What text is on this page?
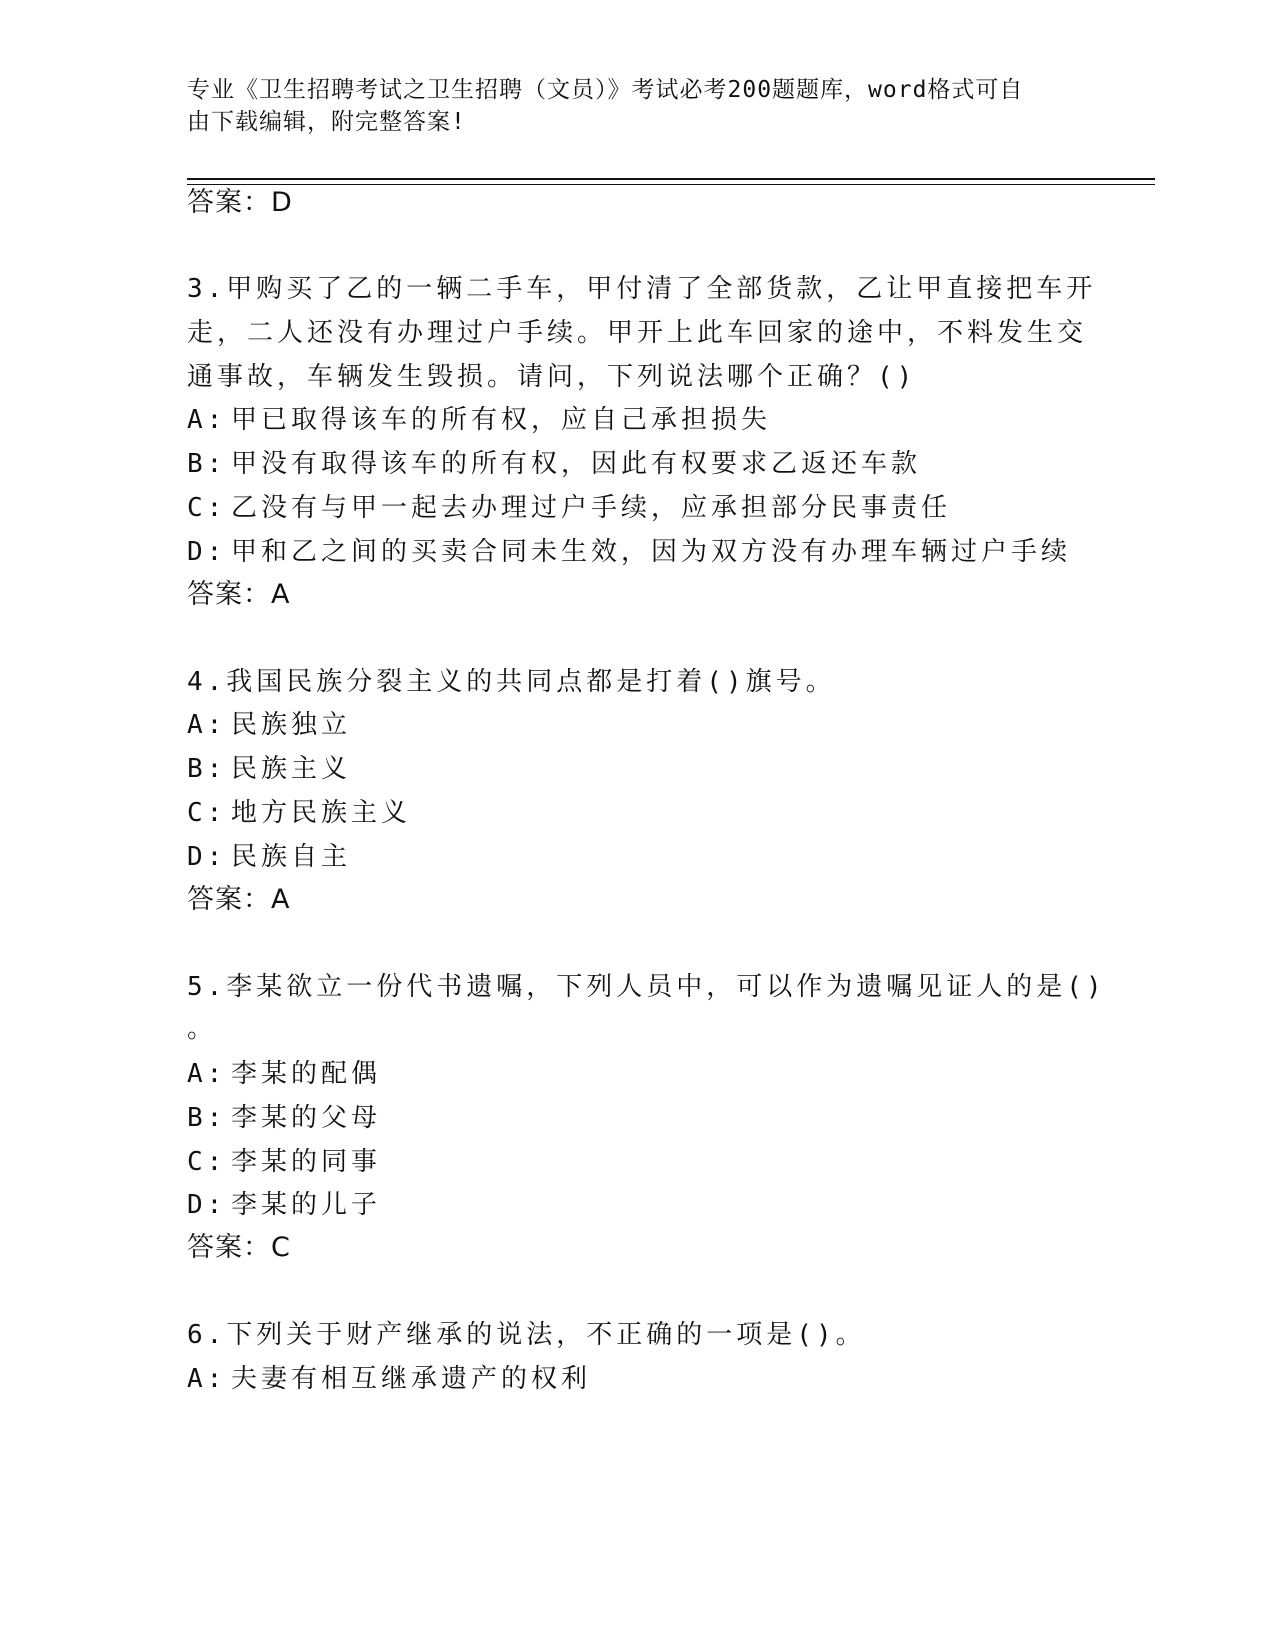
专业《卫生招聘考试之卫生招聘（文员）》考试必考200题题库，word格式可自
由下载编辑，附完整答案!
答案：D
3.甲购买了乙的一辆二手车，甲付清了全部货款，乙让甲直接把车开
走，二人还没有办理过户手续。甲开上此车回家的途中，不料发生交
通事故，车辆发生毁损。请问，下列说法哪个正确？()
A: 甲已取得该车的所有权，应自己承担损失
B: 甲没有取得该车的所有权，因此有权要求乙返还车款
C: 乙没有与甲一起去办理过户手续，应承担部分民事责任
D: 甲和乙之间的买卖合同未生效，因为双方没有办理车辆过户手续
答案：A
4.我国民族分裂主义的共同点都是打着()旗号。
A: 民族独立
B: 民族主义
C: 地方民族主义
D: 民族自主
答案：A
5.李某欲立一份代书遗嘱，下列人员中，可以作为遗嘱见证人的是()
。
A: 李某的配偶
B: 李某的父母
C: 李某的同事
D: 李某的儿子
答案：C
6.下列关于财产继承的说法，不正确的一项是()。
A: 夫妻有相互继承遗产的权利
